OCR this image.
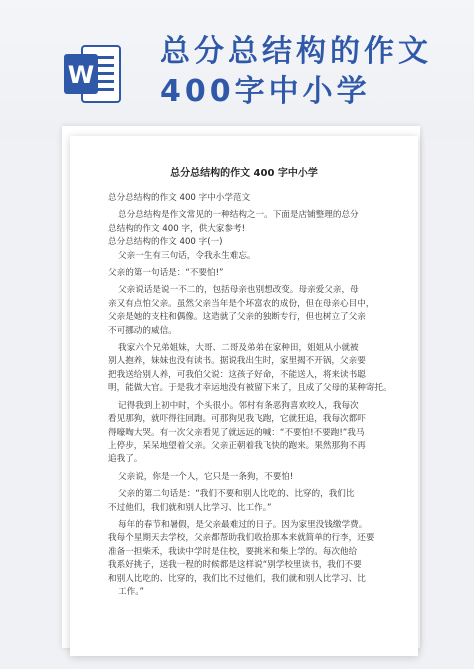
W
总分总结构的作文
400字中小学
总分总结构的作文 400 字中小学

总分总结构的作文 400 字中小学范文

总分总结构是作文常见的一种结构之一。下面是店铺整理的总分

总结构的作文 400 字，供大家参考!

总分总结构的作文 400 字(一)

父亲一生有三句话，令我永生难忘。

父亲的第一句话是：“不要怕!”

父亲说话是说一不二的，包括母亲也别想改变。母亲爱父亲，母

亲又有点怕父亲。虽然父亲当年是个坏富农的成份，但在母亲心目中，

父亲是她的支柱和偶像。这造就了父亲的独断专行，但也树立了父亲

不可挪动的威信。

我家六个兄弟姐妹，大哥、二哥及弟弟在家种田，姐姐从小就被

别人抱养，妹妹也没有读书。据说我出生时，家里揭不开锅，父亲要

把我送给别人养，可我伯父说：这孩子好命，不能送人，将来读书聪

明，能做大官。于是我才幸运地没有被留下来了，且成了父母的某种寄托。

记得我到上初中时，个头很小。邻村有条恶狗喜欢咬人，我每次

看见那狗，就吓得往回跑。可那狗见我飞跑，它就狂追，我每次都吓

得嚎啕大哭。有一次父亲看见了就远远的喊：“不要怕!不要跑!”我马

上停步，呆呆地望着父亲。父亲正朝着我飞快的跑来。果然那狗不再

追我了。

父亲说，你是一个人，它只是一条狗，不要怕!

父亲的第二句话是：“我们不要和别人比吃的、比穿的，我们比

不过他们，我们就和别人比学习、比工作。”

每年的春节和暑假，是父亲最难过的日子。因为家里没钱缴学费。

我每个星期天去学校，父亲都帮助我们收拾那本来就简单的行李，还要

准备一担柴禾，我读中学时是住校，要挑米和柴上学的。每次他给

我系好挑子，送我一程的时候都是这样说“别学校里读书，我们不要

和别人比吃的、比穿的，我们比不过他们，我们就和别人比学习、比

工作。”
